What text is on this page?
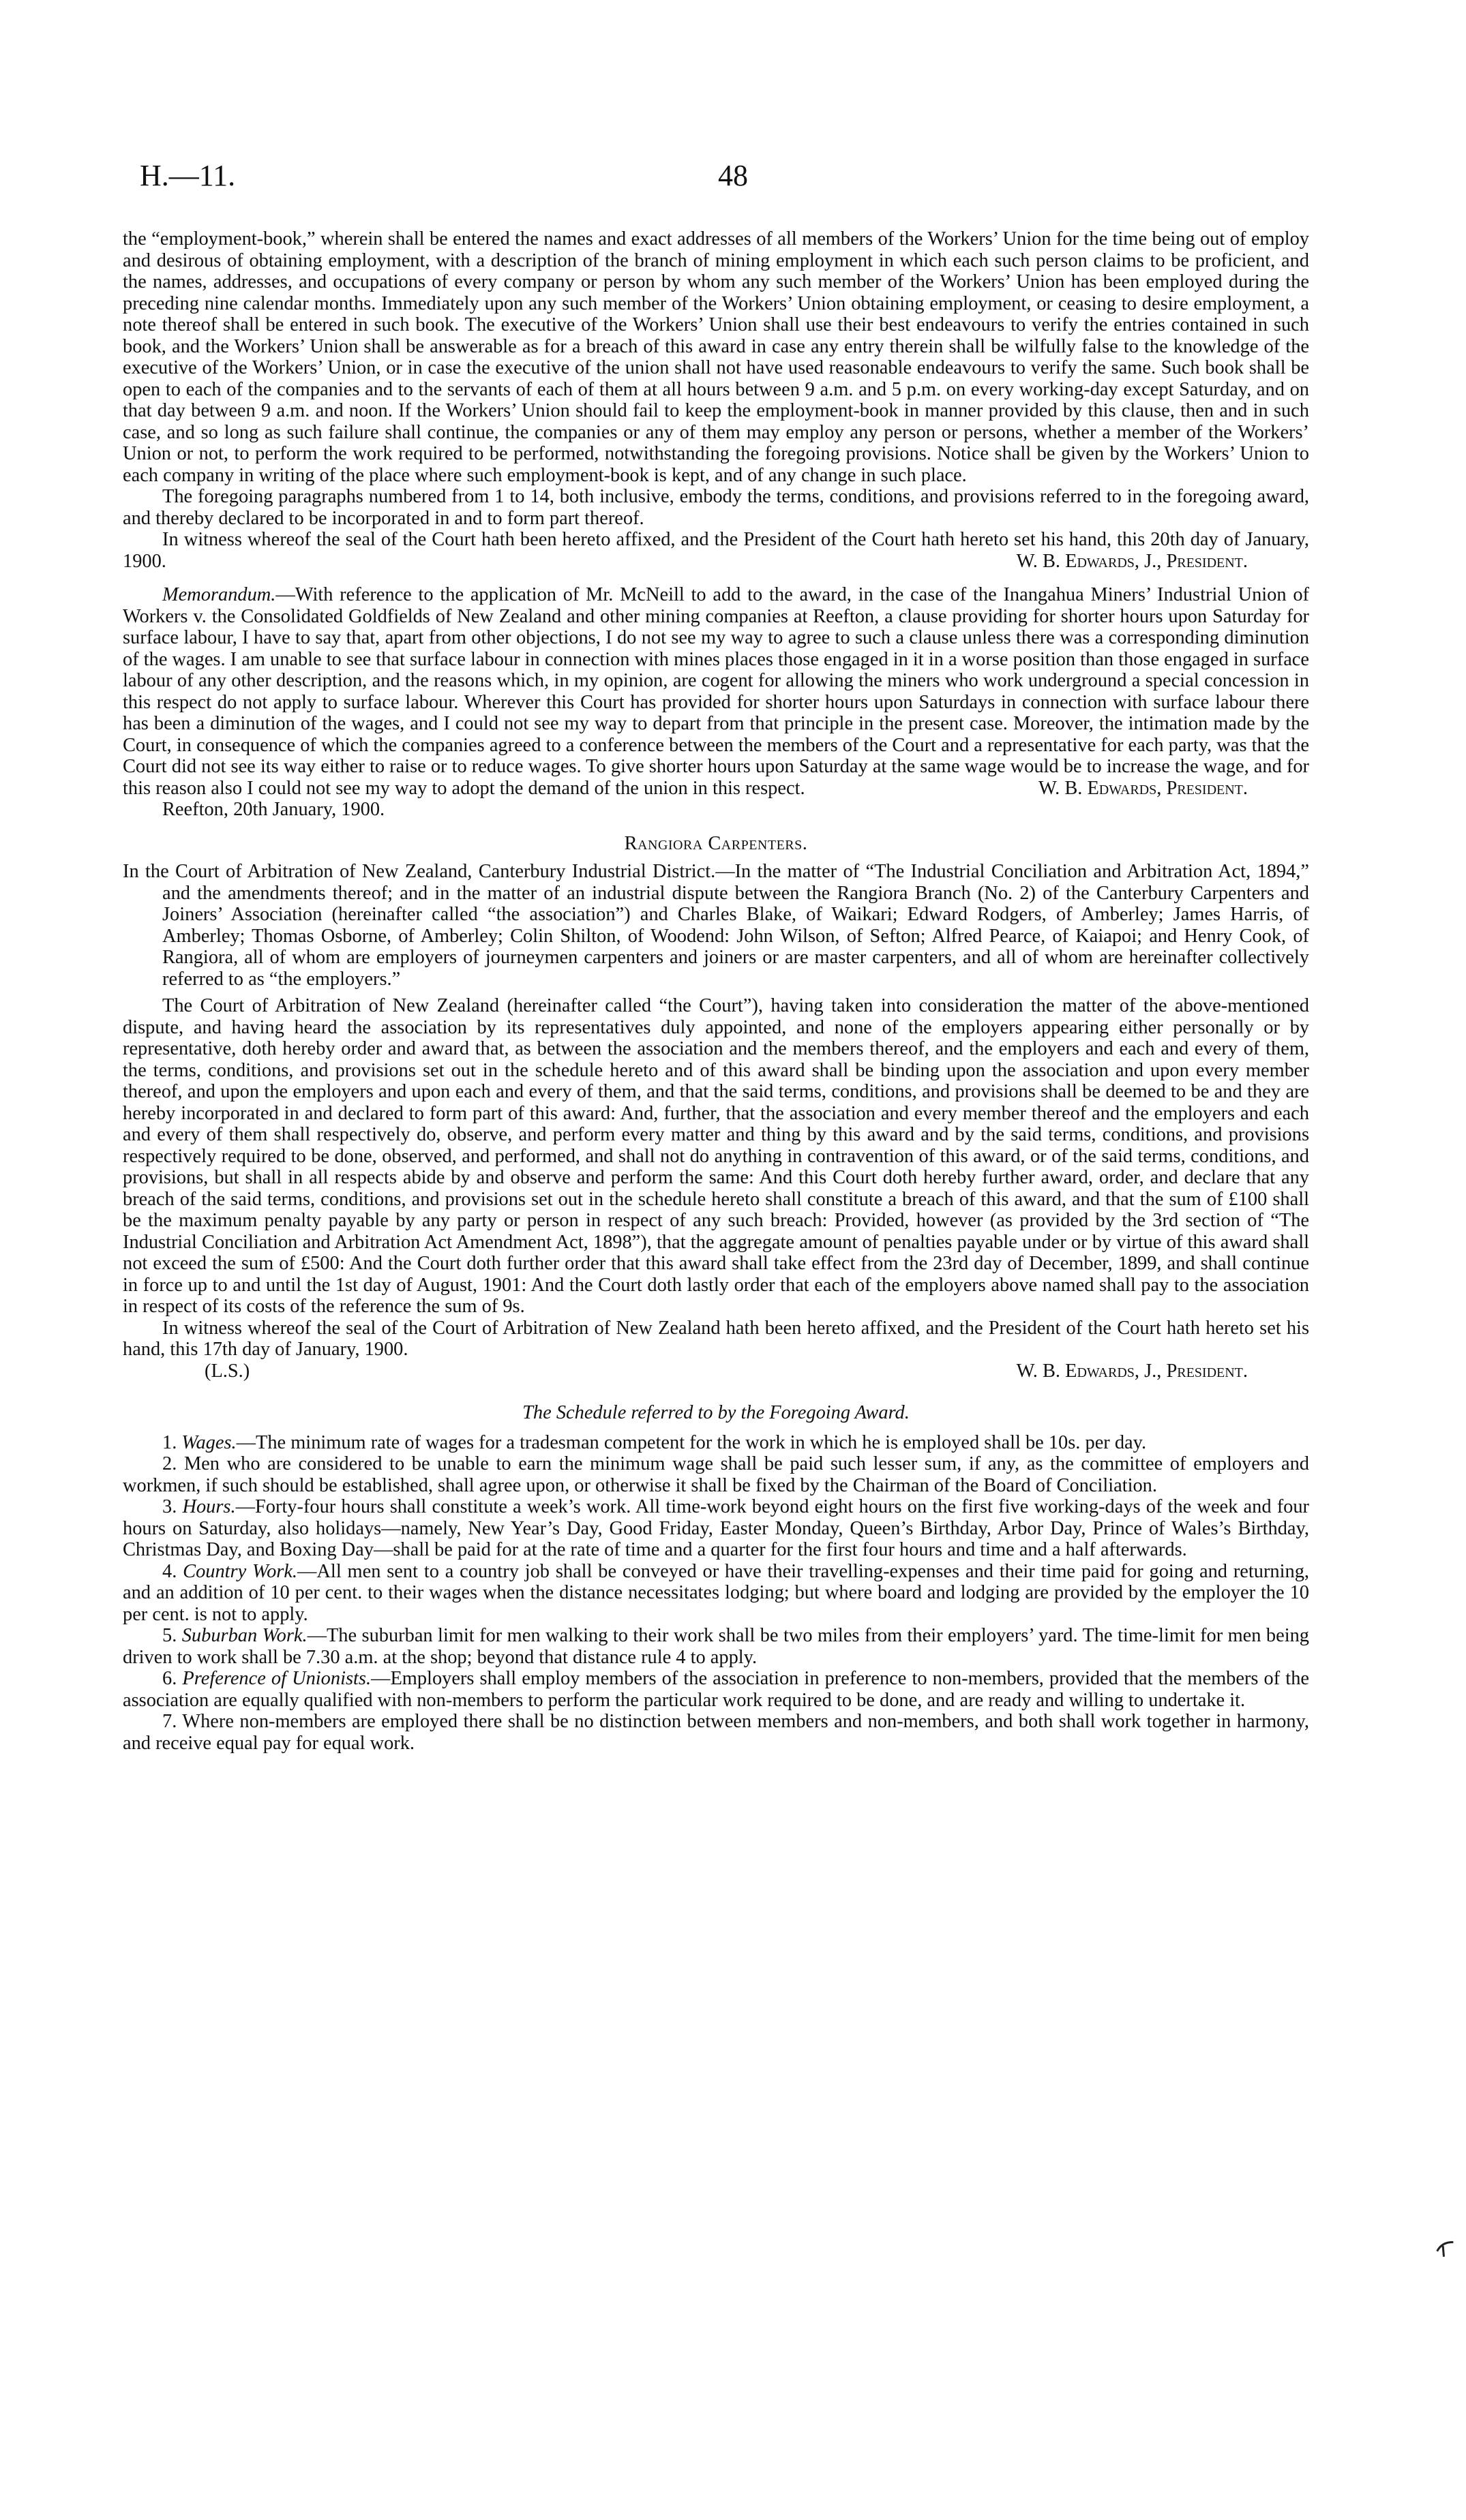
H.—11.	48

the “employment-book,” wherein shall be entered the names and exact addresses of all members of the Workers’ Union for the time being out of employ and desirous of obtaining employment, with a description of the branch of mining employment in which each such person claims to be proficient, and the names, addresses, and occupations of every company or person by whom any such member of the Workers’ Union has been employed during the preceding nine calendar months. Immediately upon any such member of the Workers’ Union obtaining employment, or ceasing to desire employment, a note thereof shall be entered in such book. The executive of the Workers’ Union shall use their best endeavours to verify the entries contained in such book, and the Workers’ Union shall be answerable as for a breach of this award in case any entry therein shall be wilfully false to the knowledge of the executive of the Workers’ Union, or in case the executive of the union shall not have used reasonable endeavours to verify the same. Such book shall be open to each of the companies and to the servants of each of them at all hours between 9 a.m. and 5 p.m. on every working-day except Saturday, and on that day between 9 a.m. and noon. If the Workers’ Union should fail to keep the employment-book in manner provided by this clause, then and in such case, and so long as such failure shall continue, the companies or any of them may employ any person or persons, whether a member of the Workers’ Union or not, to perform the work required to be performed, notwithstanding the foregoing provisions. Notice shall be given by the Workers’ Union to each company in writing of the place where such employment-book is kept, and of any change in such place.

The foregoing paragraphs numbered from 1 to 14, both inclusive, embody the terms, conditions, and provisions referred to in the foregoing award, and thereby declared to be incorporated in and to form part thereof.

In witness whereof the seal of the Court hath been hereto affixed, and the President of the Court hath hereto set his hand, this 20th day of January, 1900.	W. B. Edwards, J., President.

Memorandum.—With reference to the application of Mr. McNeill to add to the award, in the case of the Inangahua Miners’ Industrial Union of Workers v. the Consolidated Goldfields of New Zealand and other mining companies at Reefton, a clause providing for shorter hours upon Saturday for surface labour, I have to say that, apart from other objections, I do not see my way to agree to such a clause unless there was a corresponding diminution of the wages. I am unable to see that surface labour in connection with mines places those engaged in it in a worse position than those engaged in surface labour of any other description, and the reasons which, in my opinion, are cogent for allowing the miners who work underground a special concession in this respect do not apply to surface labour. Wherever this Court has provided for shorter hours upon Saturdays in connection with surface labour there has been a diminution of the wages, and I could not see my way to depart from that principle in the present case. Moreover, the intimation made by the Court, in consequence of which the companies agreed to a conference between the members of the Court and a representative for each party, was that the Court did not see its way either to raise or to reduce wages. To give shorter hours upon Saturday at the same wage would be to increase the wage, and for this reason also I could not see my way to adopt the demand of the union in this respect.	W. B. Edwards, President.

Reefton, 20th January, 1900.

Rangiora Carpenters.

In the Court of Arbitration of New Zealand, Canterbury Industrial District.—In the matter of “The Industrial Conciliation and Arbitration Act, 1894,” and the amendments thereof; and in the matter of an industrial dispute between the Rangiora Branch (No. 2) of the Canterbury Carpenters and Joiners’ Association (hereinafter called “the association”) and Charles Blake, of Waikari; Edward Rodgers, of Amberley; James Harris, of Amberley; Thomas Osborne, of Amberley; Colin Shilton, of Woodend: John Wilson, of Sefton; Alfred Pearce, of Kaiapoi; and Henry Cook, of Rangiora, all of whom are employers of journeymen carpenters and joiners or are master carpenters, and all of whom are hereinafter collectively referred to as “the employers.”

The Court of Arbitration of New Zealand (hereinafter called “the Court”), having taken into consideration the matter of the above-mentioned dispute, and having heard the association by its representatives duly appointed, and none of the employers appearing either personally or by representative, doth hereby order and award that, as between the association and the members thereof, and the employers and each and every of them, the terms, conditions, and provisions set out in the schedule hereto and of this award shall be binding upon the association and upon every member thereof, and upon the employers and upon each and every of them, and that the said terms, conditions, and provisions shall be deemed to be and they are hereby incorporated in and declared to form part of this award: And, further, that the association and every member thereof and the employers and each and every of them shall respectively do, observe, and perform every matter and thing by this award and by the said terms, conditions, and provisions respectively required to be done, observed, and performed, and shall not do anything in contravention of this award, or of the said terms, conditions, and provisions, but shall in all respects abide by and observe and perform the same: And this Court doth hereby further award, order, and declare that any breach of the said terms, conditions, and provisions set out in the schedule hereto shall constitute a breach of this award, and that the sum of £100 shall be the maximum penalty payable by any party or person in respect of any such breach: Provided, however (as provided by the 3rd section of “The Industrial Conciliation and Arbitration Act Amendment Act, 1898”), that the aggregate amount of penalties payable under or by virtue of this award shall not exceed the sum of £500: And the Court doth further order that this award shall take effect from the 23rd day of December, 1899, and shall continue in force up to and until the 1st day of August, 1901: And the Court doth lastly order that each of the employers above named shall pay to the association in respect of its costs of the reference the sum of 9s.

In witness whereof the seal of the Court of Arbitration of New Zealand hath been hereto affixed, and the President of the Court hath hereto set his hand, this 17th day of January, 1900.

(L.S.)	W. B. Edwards, J., President.

The Schedule referred to by the Foregoing Award.

1. Wages.—The minimum rate of wages for a tradesman competent for the work in which he is employed shall be 10s. per day.

2. Men who are considered to be unable to earn the minimum wage shall be paid such lesser sum, if any, as the committee of employers and workmen, if such should be established, shall agree upon, or otherwise it shall be fixed by the Chairman of the Board of Conciliation.

3. Hours.—Forty-four hours shall constitute a week’s work. All time-work beyond eight hours on the first five working-days of the week and four hours on Saturday, also holidays—namely, New Year’s Day, Good Friday, Easter Monday, Queen’s Birthday, Arbor Day, Prince of Wales’s Birthday, Christmas Day, and Boxing Day—shall be paid for at the rate of time and a quarter for the first four hours and time and a half afterwards.

4. Country Work.—All men sent to a country job shall be conveyed or have their travelling-expenses and their time paid for going and returning, and an addition of 10 per cent. to their wages when the distance necessitates lodging; but where board and lodging are provided by the employer the 10 per cent. is not to apply.

5. Suburban Work.—The suburban limit for men walking to their work shall be two miles from their employers’ yard. The time-limit for men being driven to work shall be 7.30 a.m. at the shop; beyond that distance rule 4 to apply.

6. Preference of Unionists.—Employers shall employ members of the association in preference to non-members, provided that the members of the association are equally qualified with non-members to perform the particular work required to be done, and are ready and willing to undertake it.

7. Where non-members are employed there shall be no distinction between members and non-members, and both shall work together in harmony, and receive equal pay for equal work.
